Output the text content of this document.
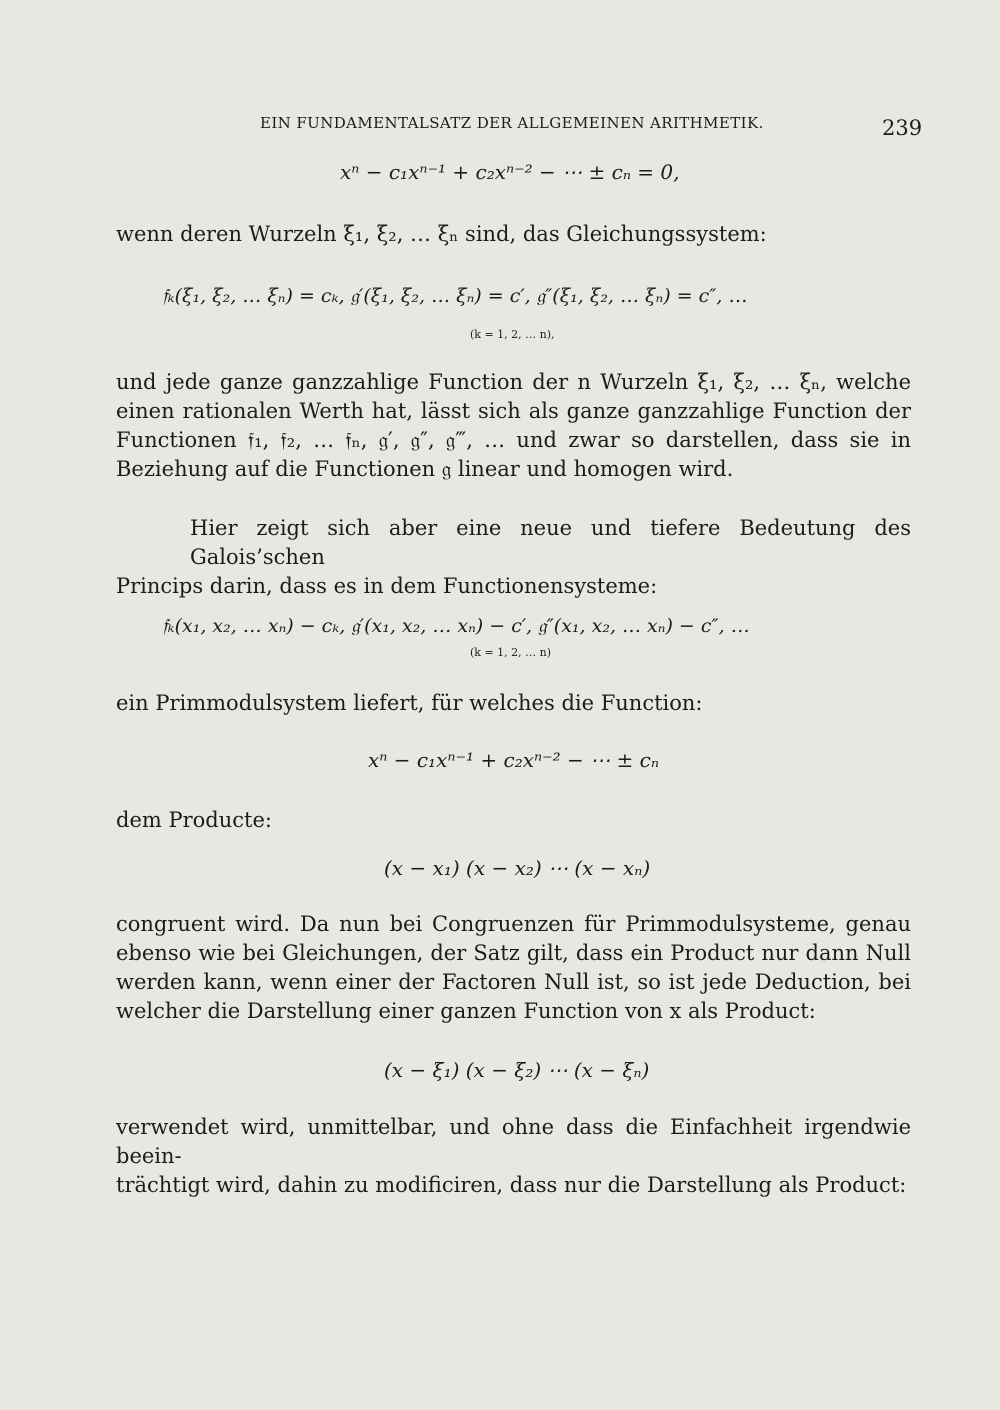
EIN FUNDAMENTALSATZ DER ALLGEMEINEN ARITHMETIK.	239
xⁿ − c₁xⁿ⁻¹ + c₂xⁿ⁻² − ⋯ ± cₙ = 0,

wenn deren Wurzeln ξ₁, ξ₂, … ξₙ sind, das Gleichungssystem:

𝔣ₖ(ξ₁, ξ₂, … ξₙ) = cₖ, 𝔤′(ξ₁, ξ₂, … ξₙ) = c′, 𝔤″(ξ₁, ξ₂, … ξₙ) = c″, …
(k = 1, 2, … n),
und jede ganze ganzzahlige Function der n Wurzeln ξ₁, ξ₂, … ξₙ, welche
einen rationalen Werth hat, lässt sich als ganze ganzzahlige Function der
Functionen 𝔣₁, 𝔣₂, … 𝔣ₙ, 𝔤′, 𝔤″, 𝔤‴, … und zwar so darstellen, dass sie in
Beziehung auf die Functionen 𝔤 linear und homogen wird.
Hier zeigt sich aber eine neue und tiefere Bedeutung des Galois’schen
Princips darin, dass es in dem Functionensysteme:
𝔣ₖ(x₁, x₂, … xₙ) − cₖ, 𝔤′(x₁, x₂, … xₙ) − c′, 𝔤″(x₁, x₂, … xₙ) − c″, …
(k = 1, 2, … n)

ein Primmodulsystem liefert, für welches die Function:

xⁿ − c₁xⁿ⁻¹ + c₂xⁿ⁻² − ⋯ ± cₙ

dem Producte:

(x − x₁) (x − x₂) ⋯ (x − xₙ)
congruent wird. Da nun bei Congruenzen für Primmodulsysteme, genau
ebenso wie bei Gleichungen, der Satz gilt, dass ein Product nur dann Null
werden kann, wenn einer der Factoren Null ist, so ist jede Deduction, bei
welcher die Darstellung einer ganzen Function von x als Product:
(x − ξ₁) (x − ξ₂) ⋯ (x − ξₙ)
verwendet wird, unmittelbar, und ohne dass die Einfachheit irgendwie beein-
trächtigt wird, dahin zu modificiren, dass nur die Darstellung als Product:
